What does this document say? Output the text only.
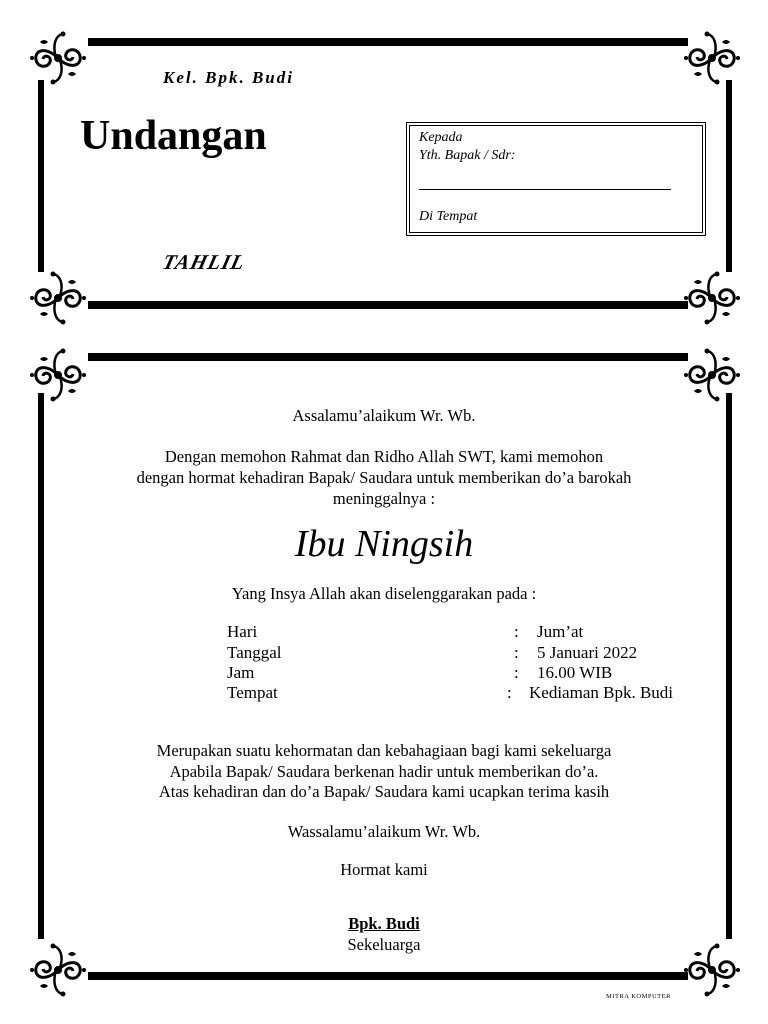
Kel. Bpk. Budi
Undangan
TAHLIL
Kepada
Yth. Bapak / Sdr:
Di Tempat
Assalamu’alaikum Wr. Wb.
Dengan memohon Rahmat dan Ridho Allah SWT, kami memohon
dengan hormat kehadiran Bapak/ Saudara untuk memberikan do’a barokah
meninggalnya :
Ibu Ningsih
Yang Insya Allah akan diselenggarakan pada :
Hari	: Jum’at
Tanggal	: 5 Januari 2022
Jam	: 16.00 WIB
Tempat	: Kediaman Bpk. Budi
Merupakan suatu kehormatan dan kebahagiaan bagi kami sekeluarga
Apabila Bapak/ Saudara berkenan hadir untuk memberikan do’a.
Atas kehadiran dan do’a Bapak/ Saudara kami ucapkan terima kasih
Wassalamu’alaikum Wr. Wb.
Hormat kami
Bpk. Budi
Sekeluarga
MITRA KOMPUTER
